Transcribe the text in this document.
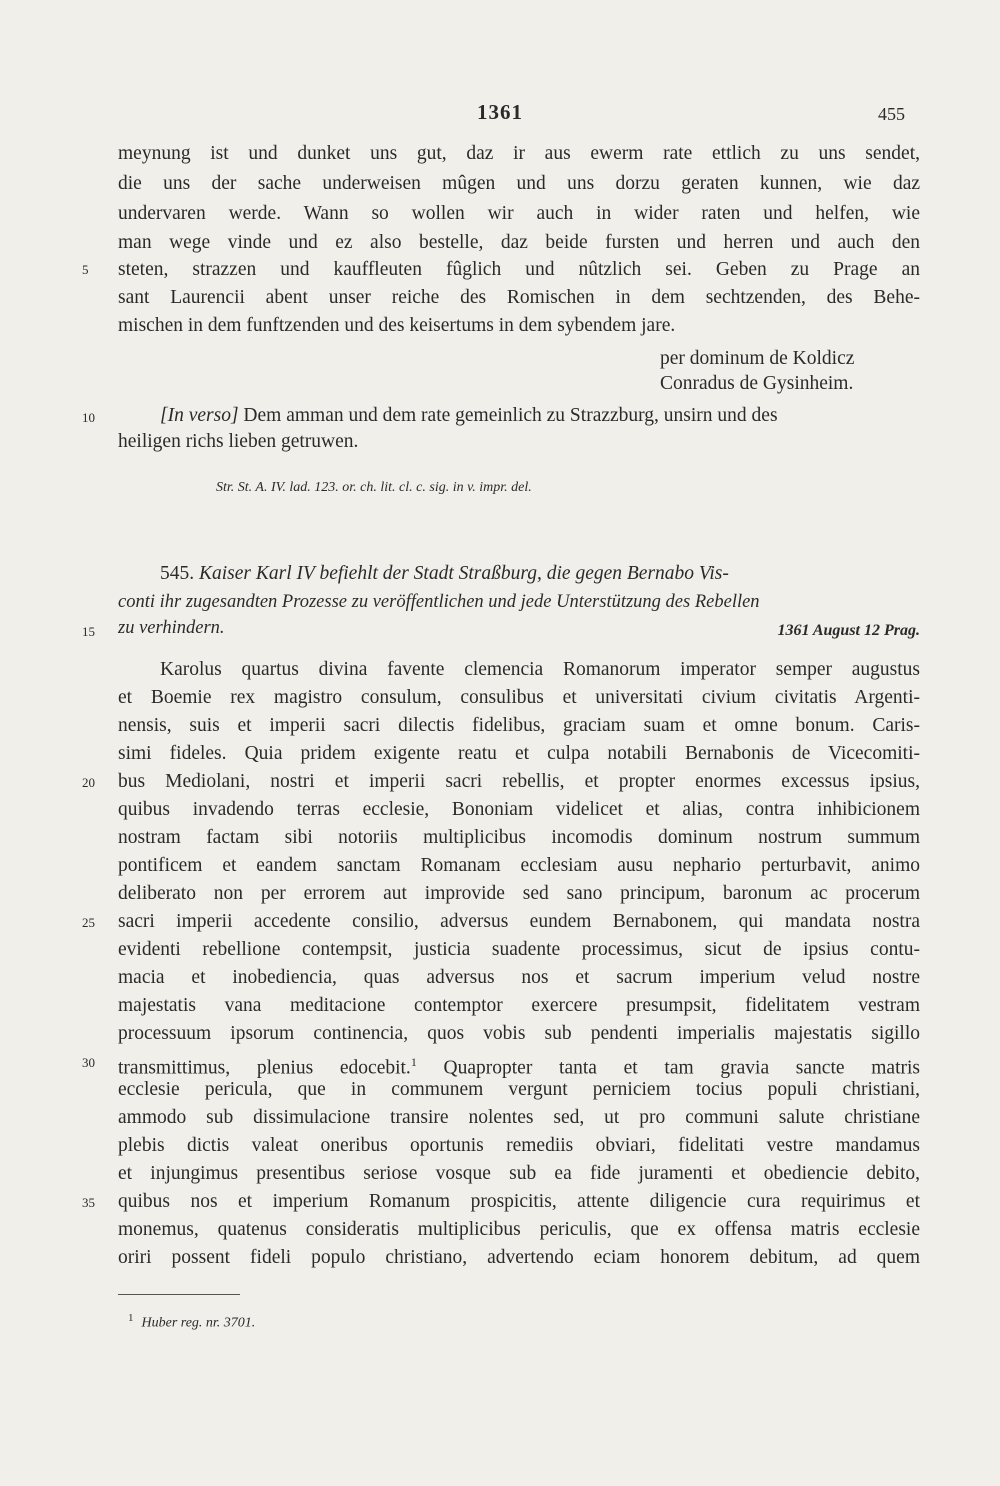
1361	455
meynung ist und dunket uns gut, daz ir aus ewerm rate ettlich zu uns sendet,
die uns der sache underweisen mûgen und uns dorzu geraten kunnen, wie daz
undervaren werde. Wann so wollen wir auch in wider raten und helfen, wie
man wege vinde und ez also bestelle, daz beide fursten und herren und auch den
5	steten, strazzen und kauffleuten fûglich und nûtzlich sei. Geben zu Prage an
sant Laurencii abent unser reiche des Romischen in dem sechtzenden, des Behe-
mischen in dem funftzenden und des keisertums in dem sybendem jare.
per dominum de Koldicz
Conradus de Gysinheim.
10	[In verso] Dem amman und dem rate gemeinlich zu Strazzburg, unsirn und des
heiligen richs lieben getruwen.
Str. St. A. IV. lad. 123. or. ch. lit. cl. c. sig. in v. impr. del.
545. Kaiser Karl IV befiehlt der Stadt Straßburg, die gegen Bernabo Vis-
conti ihr zugesandten Prozesse zu veröffentlichen und jede Unterstützung des Rebellen
15	zu verhindern.	1361 August 12 Prag.
Karolus quartus divina favente clemencia Romanorum imperator semper augustus
et Boemie rex magistro consulum, consulibus et universitati civium civitatis Argenti-
nensis, suis et imperii sacri dilectis fidelibus, graciam suam et omne bonum. Caris-
simi fideles. Quia pridem exigente reatu et culpa notabili Bernabonis de Vicecomiti-
20	bus Mediolani, nostri et imperii sacri rebellis, et propter enormes excessus ipsius,
quibus invadendo terras ecclesie, Bononiam videlicet et alias, contra inhibicionem
nostram factam sibi notoriis multiplicibus incomodis dominum nostrum summum
pontificem et eandem sanctam Romanam ecclesiam ausu nephario perturbavit, animo
deliberato non per errorem aut improvide sed sano principum, baronum ac procerum
25	sacri imperii accedente consilio, adversus eundem Bernabonem, qui mandata nostra
evidenti rebellione contempsit, justicia suadente processimus, sicut de ipsius contu-
macia et inobediencia, quas adversus nos et sacrum imperium velud nostre
majestatis vana meditacione contemptor exercere presumpsit, fidelitatem vestram
processuum ipsorum continencia, quos vobis sub pendenti imperialis majestatis sigillo
30	transmittimus, plenius edocebit.$^1$ Quapropter tanta et tam gravia sancte matris
ecclesie pericula, que in communem vergunt perniciem tocius populi christiani,
ammodo sub dissimulacione transire nolentes sed, ut pro communi salute christiane
plebis dictis valeat oneribus oportunis remediis obviari, fidelitati vestre mandamus
et injungimus presentibus seriose vosque sub ea fide juramenti et obediencie debito,
35	quibus nos et imperium Romanum prospicitis, attente diligencie cura requirimus et
monemus, quatenus consideratis multiplicibus periculis, que ex offensa matris ecclesie
oriri possent fideli populo christiano, advertendo eciam honorem debitum, ad quem
$^1$ Huber reg. nr. 3701.
